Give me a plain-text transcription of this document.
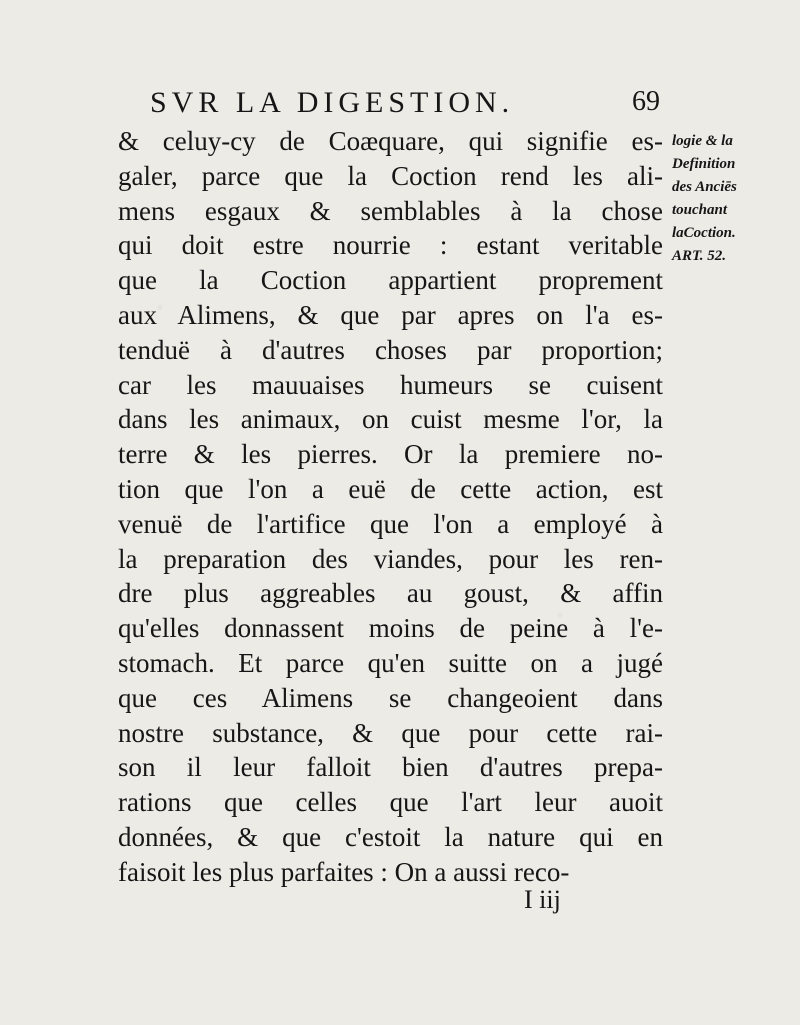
SVR LA DIGESTION.	69
& celuy-cy de Coæquare, qui signifie es-
galer, parce que la Coction rend les ali-
mens esgaux & semblables à la chose
qui doit estre nourrie : estant veritable
que la Coction appartient proprement
aux Alimens, & que par apres on l'a es-
tenduë à d'autres choses par proportion;
car les mauuaises humeurs se cuisent
dans les animaux, on cuist mesme l'or, la
terre & les pierres. Or la premiere no-
tion que l'on a euë de cette action, est
venuë de l'artifice que l'on a employé à
la preparation des viandes, pour les ren-
dre plus aggreables au goust, & affin
qu'elles donnassent moins de peine à l'e-
stomach. Et parce qu'en suitte on a jugé
que ces Alimens se changeoient dans
nostre substance, & que pour cette rai-
son il leur falloit bien d'autres prepa-
rations que celles que l'art leur auoit
données, & que c'estoit la nature qui en
faisoit les plus parfaites : On a aussi reco-
logie & la
Definition
des Anciēs
touchant
laCoction.
ART. 52.
I iij
